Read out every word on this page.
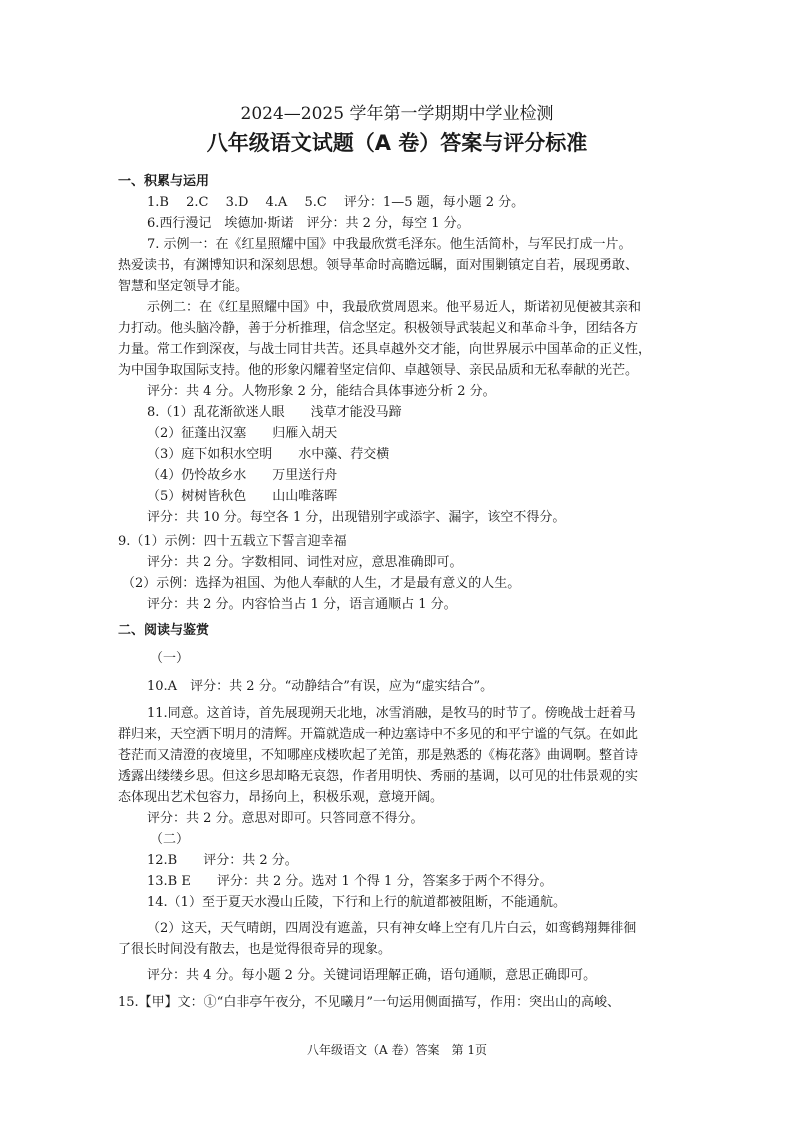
2024—2025 学年第一学期期中学业检测
八年级语文试题（A 卷）答案与评分标准
一、积累与运用
1.B　 2.C　 3.D　 4.A　 5.C　 评分：1—5 题，每小题 2 分。
6.西行漫记　埃德加·斯诺　评分：共 2 分，每空 1 分。
7. 示例一：在《红星照耀中国》中我最欣赏毛泽东。他生活简朴，与军民打成一片。
热爱读书，有渊博知识和深刻思想。领导革命时高瞻远瞩，面对围剿镇定自若，展现勇敢、
智慧和坚定领导才能。
示例二：在《红星照耀中国》中，我最欣赏周恩来。他平易近人，斯诺初见便被其亲和
力打动。他头脑冷静，善于分析推理，信念坚定。积极领导武装起义和革命斗争，团结各方
力量。常工作到深夜，与战士同甘共苦。还具卓越外交才能，向世界展示中国革命的正义性，
为中国争取国际支持。他的形象闪耀着坚定信仰、卓越领导、亲民品质和无私奉献的光芒。
评分：共 4 分。人物形象 2 分，能结合具体事迹分析 2 分。
8.（1）乱花渐欲迷人眼　　浅草才能没马蹄
（2）征蓬出汉塞　　归雁入胡天
（3）庭下如积水空明　　水中藻、荇交横
（4）仍怜故乡水　　万里送行舟
（5）树树皆秋色　　山山唯落晖
评分：共 10 分。每空各 1 分，出现错别字或添字、漏字，该空不得分。
9.（1）示例：四十五载立下誓言迎幸福
评分：共 2 分。字数相同、词性对应，意思准确即可。
（2）示例：选择为祖国、为他人奉献的人生，才是最有意义的人生。
评分：共 2 分。内容恰当占 1 分，语言通顺占 1 分。
二、阅读与鉴赏
（一）
10.A　评分：共 2 分。“动静结合”有误，应为“虚实结合”。
11.同意。这首诗，首先展现朔天北地，冰雪消融，是牧马的时节了。傍晚战士赶着马
群归来，天空洒下明月的清辉。开篇就造成一种边塞诗中不多见的和平宁谧的气氛。在如此
苍茫而又清澄的夜境里，不知哪座戍楼吹起了羌笛，那是熟悉的《梅花落》曲调啊。整首诗
透露出缕缕乡思。但这乡思却略无哀怨，作者用明快、秀丽的基调，以可见的壮伟景观的实
态体现出艺术包容力，昂扬向上，积极乐观，意境开阔。
评分：共 2 分。意思对即可。只答同意不得分。
（二）
12.B　　评分：共 2 分。
13.B E　　评分：共 2 分。选对 1 个得 1 分，答案多于两个不得分。
14.（1）至于夏天水漫山丘陵，下行和上行的航道都被阻断，不能通航。
（2）这天，天气晴朗，四周没有遮盖，只有神女峰上空有几片白云，如鸾鹤翔舞徘徊
了很长时间没有散去，也是觉得很奇异的现象。
评分：共 4 分。每小题 2 分。关键词语理解正确，语句通顺，意思正确即可。
15.【甲】文：①“白非亭午夜分，不见曦月”一句运用侧面描写，作用：突出山的高峻、
八年级语文（A 卷）答案　第 1页
